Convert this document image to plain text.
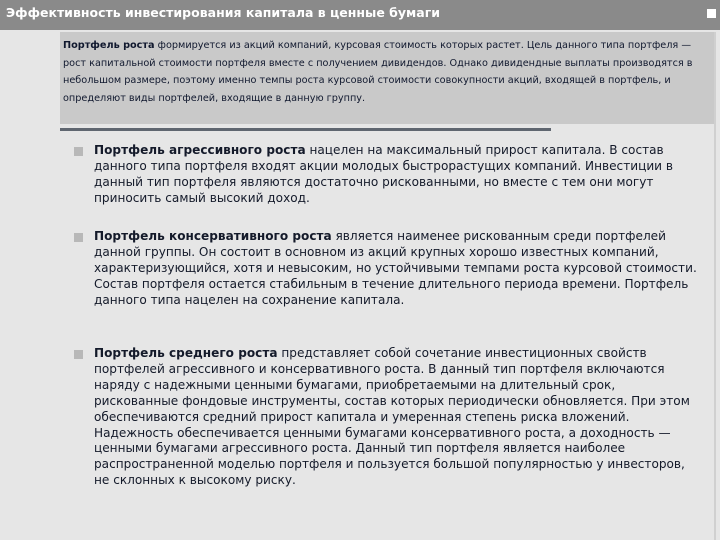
Эффективность инвестирования капитала в ценные бумаги

Портфель роста формируется из акций компаний, курсовая стоимость которых растет. Цель данного типа портфеля — рост капитальной стоимости портфеля вместе с получением дивидендов. Однако дивидендные выплаты производятся в небольшом размере, поэтому именно темпы роста курсовой стоимости совокупности акций, входящей в портфель, и определяют виды портфелей, входящие в данную группу.

Портфель агрессивного роста нацелен на максимальный прирост капитала. В состав данного типа портфеля входят акции молодых быстрорастущих компаний. Инвестиции в данный тип портфеля являются достаточно рискованными, но вместе с тем они могут приносить самый высокий доход.

Портфель консервативного роста является наименее рискованным среди портфелей данной группы. Он состоит в основном из акций крупных хорошо известных компаний, характеризующийся, хотя и невысоким, но устойчивыми темпами роста курсовой стоимости. Состав портфеля остается стабильным в течение длительного периода времени. Портфель данного типа нацелен на сохранение капитала.

Портфель среднего роста представляет собой сочетание инвестиционных свойств портфелей агрессивного и консервативного роста. В данный тип портфеля включаются наряду с надежными ценными бумагами, приобретаемыми на длительный срок, рискованные фондовые инструменты, состав которых периодически обновляется. При этом обеспечиваются средний прирост капитала и умеренная степень риска вложений. Надежность обеспечивается ценными бумагами консервативного роста, а доходность — ценными бумагами агрессивного роста. Данный тип портфеля является наиболее распространенной моделью портфеля и пользуется большой популярностью у инвесторов, не склонных к высокому риску.
